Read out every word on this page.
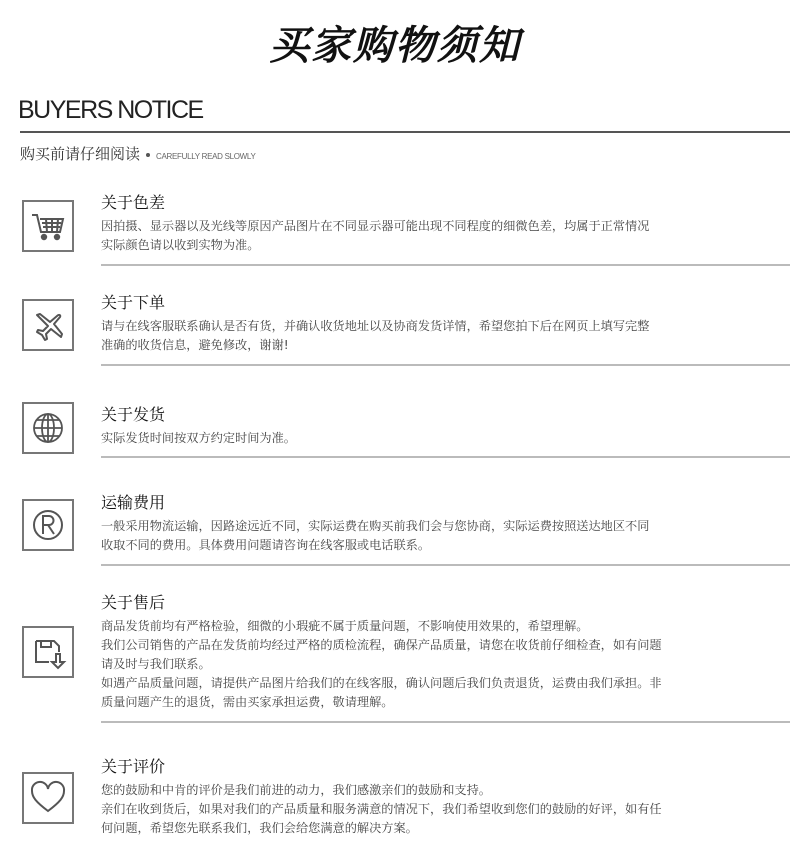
买家购物须知
BUYERS NOTICE
购买前请仔细阅读 CAREFULLY READ SLOWLY
关于色差

因拍摄、显示器以及光线等原因产品图片在不同显示器可能出现不同程度的细微色差，均属于正常情况

实际颜色请以收到实物为准。

关于下单

请与在线客服联系确认是否有货，并确认收货地址以及协商发货详情，希望您拍下后在网页上填写完整

准确的收货信息，避免修改，谢谢!

关于发货

实际发货时间按双方约定时间为准。

运输费用

一般采用物流运输，因路途远近不同，实际运费在购买前我们会与您协商，实际运费按照送达地区不同

收取不同的费用。具体费用问题请咨询在线客服或电话联系。

关于售后

商品发货前均有严格检验，细微的小瑕疵不属于质量问题，不影响使用效果的，希望理解。

我们公司销售的产品在发货前均经过严格的质检流程，确保产品质量，请您在收货前仔细检查，如有问题

请及时与我们联系。

如遇产品质量问题，请提供产品图片给我们的在线客服，确认问题后我们负责退货，运费由我们承担。非

质量问题产生的退货，需由买家承担运费，敬请理解。

关于评价

您的鼓励和中肯的评价是我们前进的动力，我们感激亲们的鼓励和支持。

亲们在收到货后，如果对我们的产品质量和服务满意的情况下，我们希望收到您们的鼓励的好评，如有任

何问题，希望您先联系我们，我们会给您满意的解决方案。
